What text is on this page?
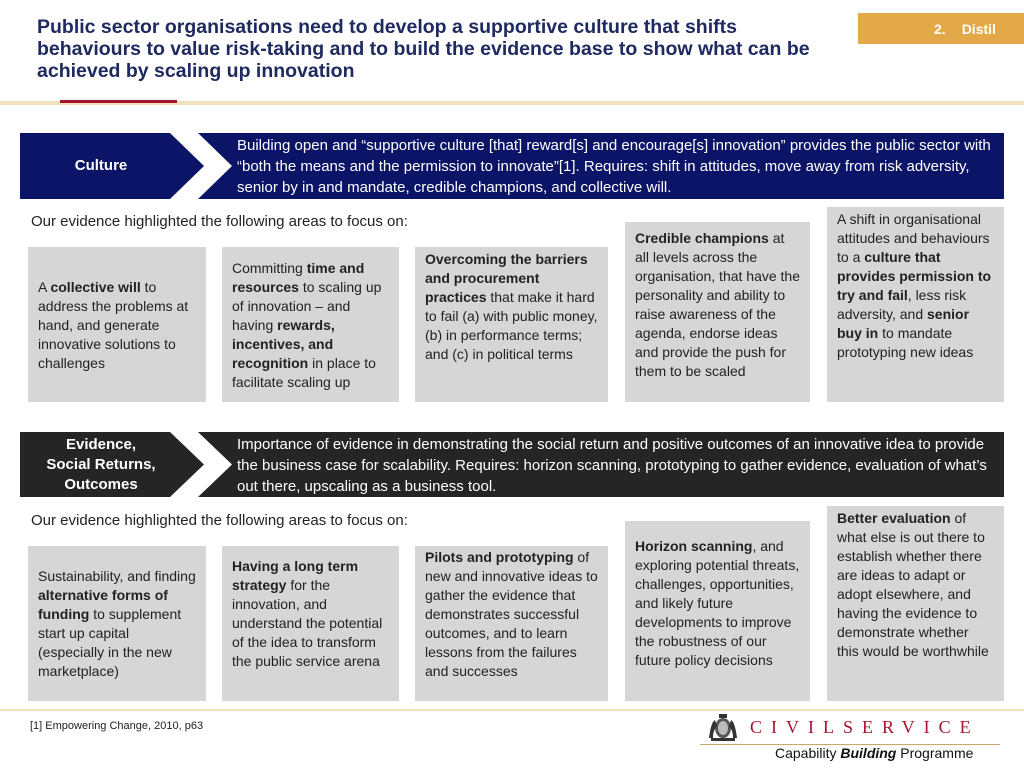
Public sector organisations need to develop a supportive culture that shifts behaviours to value risk-taking and to build the evidence base to show what can be achieved by scaling up innovation
2. Distil
Culture
Building open and “supportive culture [that] reward[s] and encourage[s] innovation” provides the public sector with “both the means and the permission to innovate”[1]. Requires: shift in attitudes, move away from risk adversity, senior by in and mandate, credible champions, and collective will.
Our evidence highlighted the following areas to focus on:
A collective will to address the problems at hand, and generate innovative solutions to challenges
Committing time and resources to scaling up of innovation – and having rewards, incentives, and recognition in place to facilitate scaling up
Overcoming the barriers and procurement practices that make it hard to fail (a) with public money, (b) in performance terms; and (c) in political terms
Credible champions at all levels across the organisation, that have the personality and ability to raise awareness of the agenda, endorse ideas and provide the push for them to be scaled
A shift in organisational attitudes and behaviours to a culture that provides permission to try and fail, less risk adversity, and senior buy in to mandate prototyping new ideas
Evidence,
Social Returns,
Outcomes
Importance of evidence in demonstrating the social return and positive outcomes of an innovative idea to provide the business case for scalability. Requires: horizon scanning, prototyping to gather evidence, evaluation of what’s out there, upscaling as a business tool.
Our evidence highlighted the following areas to focus on:
Sustainability, and finding alternative forms of funding to supplement start up capital (especially in the new marketplace)
Having a long term strategy for the innovation, and understand the potential of the idea to transform the public service arena
Pilots and prototyping of new and innovative ideas to gather the evidence that demonstrates successful outcomes, and to learn lessons from the failures and successes
Horizon scanning, and exploring potential threats, challenges, opportunities, and likely future developments to improve the robustness of our future policy decisions
Better evaluation of what else is out there to establish whether there are ideas to adapt or adopt elsewhere, and having the evidence to demonstrate whether this would be worthwhile
[1] Empowering Change, 2010, p63	CIVILSERVICE
Capability Building Programme
